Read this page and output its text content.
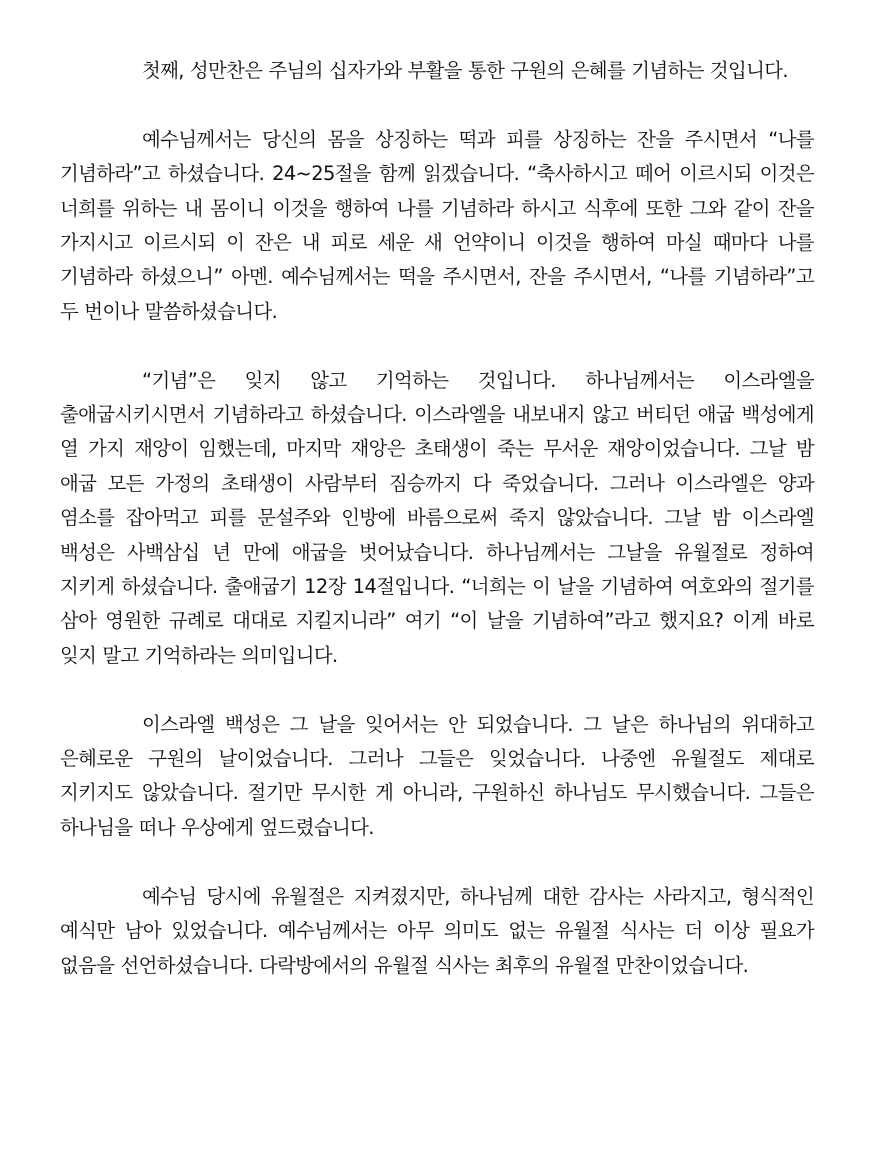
첫째, 성만찬은 주님의 십자가와 부활을 통한 구원의 은혜를 기념하는 것입니다.

예수님께서는 당신의 몸을 상징하는 떡과 피를 상징하는 잔을 주시면서 “나를 기념하라”고 하셨습니다. 24~25절을 함께 읽겠습니다. “축사하시고 떼어 이르시되 이것은 너희를 위하는 내 몸이니 이것을 행하여 나를 기념하라 하시고 식후에 또한 그와 같이 잔을 가지시고 이르시되 이 잔은 내 피로 세운 새 언약이니 이것을 행하여 마실 때마다 나를 기념하라 하셨으니” 아멘. 예수님께서는 떡을 주시면서, 잔을 주시면서, “나를 기념하라”고 두 번이나 말씀하셨습니다.

“기념”은 잊지 않고 기억하는 것입니다. 하나님께서는 이스라엘을 출애굽시키시면서 기념하라고 하셨습니다. 이스라엘을 내보내지 않고 버티던 애굽 백성에게 열 가지 재앙이 임했는데, 마지막 재앙은 초태생이 죽는 무서운 재앙이었습니다. 그날 밤 애굽 모든 가정의 초태생이 사람부터 짐승까지 다 죽었습니다. 그러나 이스라엘은 양과 염소를 잡아먹고 피를 문설주와 인방에 바름으로써 죽지 않았습니다. 그날 밤 이스라엘 백성은 사백삼십 년 만에 애굽을 벗어났습니다. 하나님께서는 그날을 유월절로 정하여 지키게 하셨습니다. 출애굽기 12장 14절입니다. “너희는 이 날을 기념하여 여호와의 절기를 삼아 영원한 규례로 대대로 지킬지니라” 여기 “이 날을 기념하여”라고 했지요? 이게 바로 잊지 말고 기억하라는 의미입니다.

이스라엘 백성은 그 날을 잊어서는 안 되었습니다. 그 날은 하나님의 위대하고 은혜로운 구원의 날이었습니다. 그러나 그들은 잊었습니다. 나중엔 유월절도 제대로 지키지도 않았습니다. 절기만 무시한 게 아니라, 구원하신 하나님도 무시했습니다. 그들은 하나님을 떠나 우상에게 엎드렸습니다.

예수님 당시에 유월절은 지켜졌지만, 하나님께 대한 감사는 사라지고, 형식적인 예식만 남아 있었습니다. 예수님께서는 아무 의미도 없는 유월절 식사는 더 이상 필요가 없음을 선언하셨습니다. 다락방에서의 유월절 식사는 최후의 유월절 만찬이었습니다.
